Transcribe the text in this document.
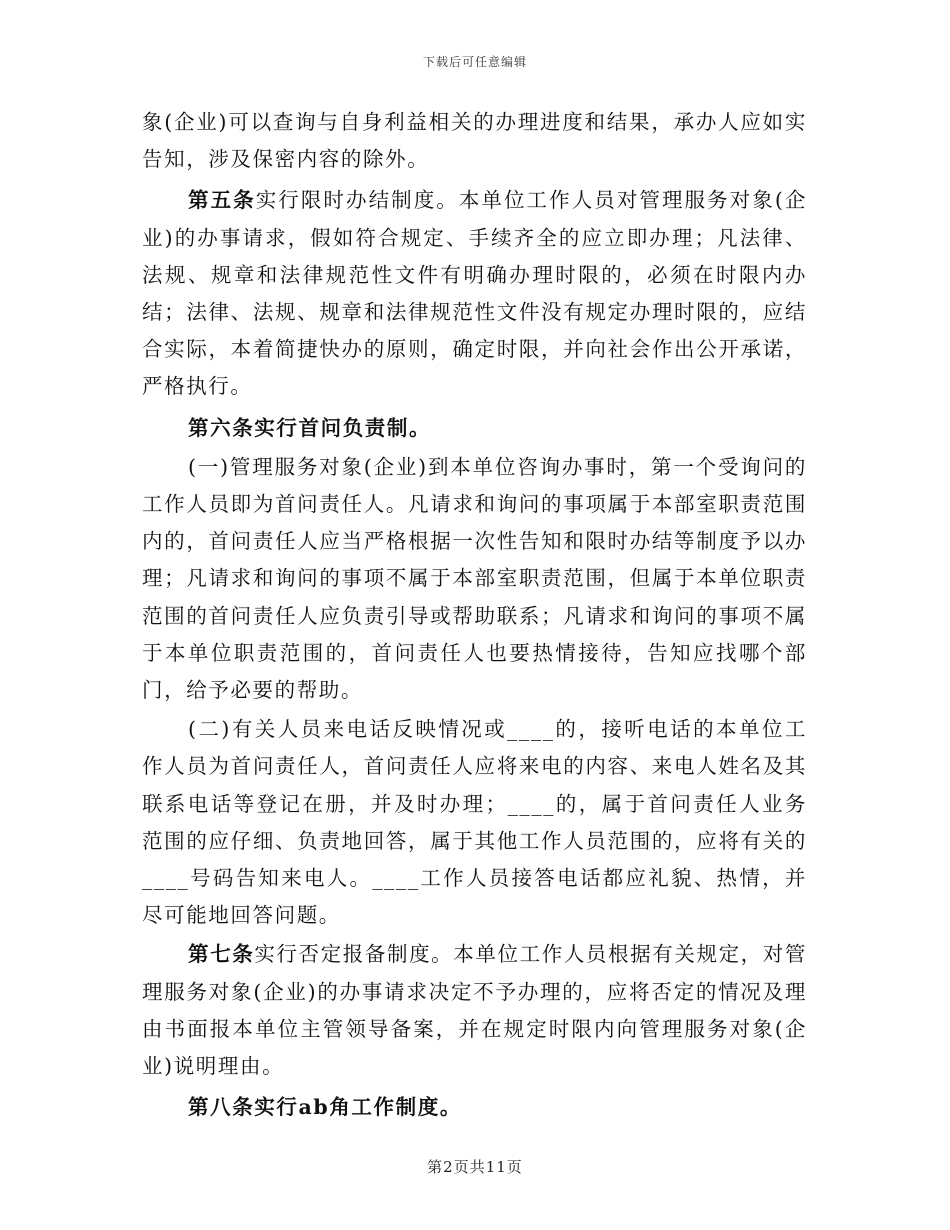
下载后可任意编辑

象(企业)可以查询与自身利益相关的办理进度和结果，承办人应如实告知，涉及保密内容的除外。

第五条实行限时办结制度。本单位工作人员对管理服务对象(企业)的办事请求，假如符合规定、手续齐全的应立即办理；凡法律、法规、规章和法律规范性文件有明确办理时限的，必须在时限内办结；法律、法规、规章和法律规范性文件没有规定办理时限的，应结合实际，本着简捷快办的原则，确定时限，并向社会作出公开承诺，严格执行。

第六条实行首问负责制。

(一)管理服务对象(企业)到本单位咨询办事时，第一个受询问的工作人员即为首问责任人。凡请求和询问的事项属于本部室职责范围内的，首问责任人应当严格根据一次性告知和限时办结等制度予以办理；凡请求和询问的事项不属于本部室职责范围，但属于本单位职责范围的首问责任人应负责引导或帮助联系；凡请求和询问的事项不属于本单位职责范围的，首问责任人也要热情接待，告知应找哪个部门，给予必要的帮助。

(二)有关人员来电话反映情况或____的，接听电话的本单位工作人员为首问责任人，首问责任人应将来电的内容、来电人姓名及其联系电话等登记在册，并及时办理；____的，属于首问责任人业务范围的应仔细、负责地回答，属于其他工作人员范围的，应将有关的____号码告知来电人。____工作人员接答电话都应礼貌、热情，并尽可能地回答问题。

第七条实行否定报备制度。本单位工作人员根据有关规定，对管理服务对象(企业)的办事请求决定不予办理的，应将否定的情况及理由书面报本单位主管领导备案，并在规定时限内向管理服务对象(企业)说明理由。

第八条实行ab角工作制度。

第2页共11页
